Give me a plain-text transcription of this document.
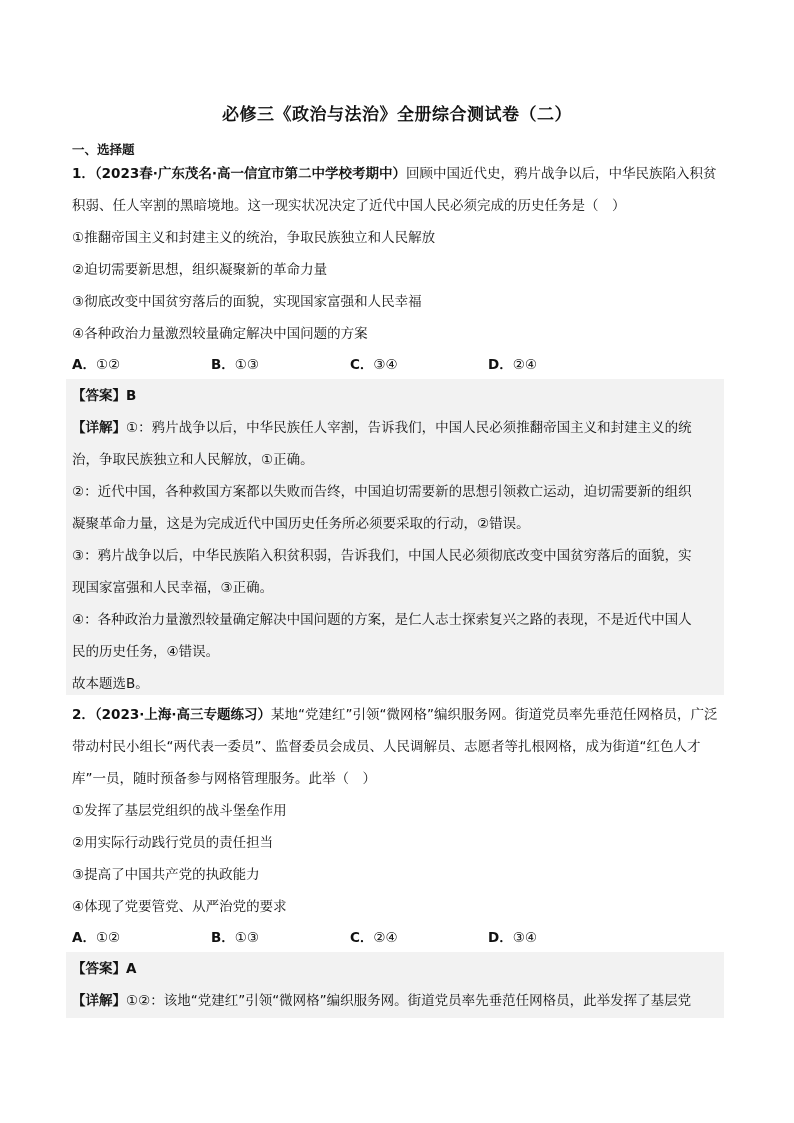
必修三《政治与法治》全册综合测试卷（二）
一、选择题
1．（2023春·广东茂名·高一信宜市第二中学校考期中）回顾中国近代史，鸦片战争以后，中华民族陷入积贫
积弱、任人宰割的黑暗境地。这一现实状况决定了近代中国人民必须完成的历史任务是（　）
①推翻帝国主义和封建主义的统治，争取民族独立和人民解放
②迫切需要新思想，组织凝聚新的革命力量
③彻底改变中国贫穷落后的面貌，实现国家富强和人民幸福
④各种政治力量激烈较量确定解决中国问题的方案
A．①②	B．①③	C．③④	D．②④
【答案】B
【详解】①：鸦片战争以后，中华民族任人宰割，告诉我们，中国人民必须推翻帝国主义和封建主义的统
治，争取民族独立和人民解放，①正确。
②：近代中国，各种救国方案都以失败而告终，中国迫切需要新的思想引领救亡运动，迫切需要新的组织
凝聚革命力量，这是为完成近代中国历史任务所必须要采取的行动，②错误。
③：鸦片战争以后，中华民族陷入积贫积弱，告诉我们，中国人民必须彻底改变中国贫穷落后的面貌，实
现国家富强和人民幸福，③正确。
④：各种政治力量激烈较量确定解决中国问题的方案，是仁人志士探索复兴之路的表现，不是近代中国人
民的历史任务，④错误。
故本题选B。
2．（2023·上海·高三专题练习）某地“党建红”引领“微网格”编织服务网。街道党员率先垂范任网格员，广泛
带动村民小组长“两代表一委员”、监督委员会成员、人民调解员、志愿者等扎根网格，成为街道“红色人才
库”一员，随时预备参与网格管理服务。此举（　）
①发挥了基层党组织的战斗堡垒作用
②用实际行动践行党员的责任担当
③提高了中国共产党的执政能力
④体现了党要管党、从严治党的要求
A．①②	B．①③	C．②④	D．③④
【答案】A
【详解】①②：该地“党建红”引领“微网格”编织服务网。街道党员率先垂范任网格员，此举发挥了基层党
